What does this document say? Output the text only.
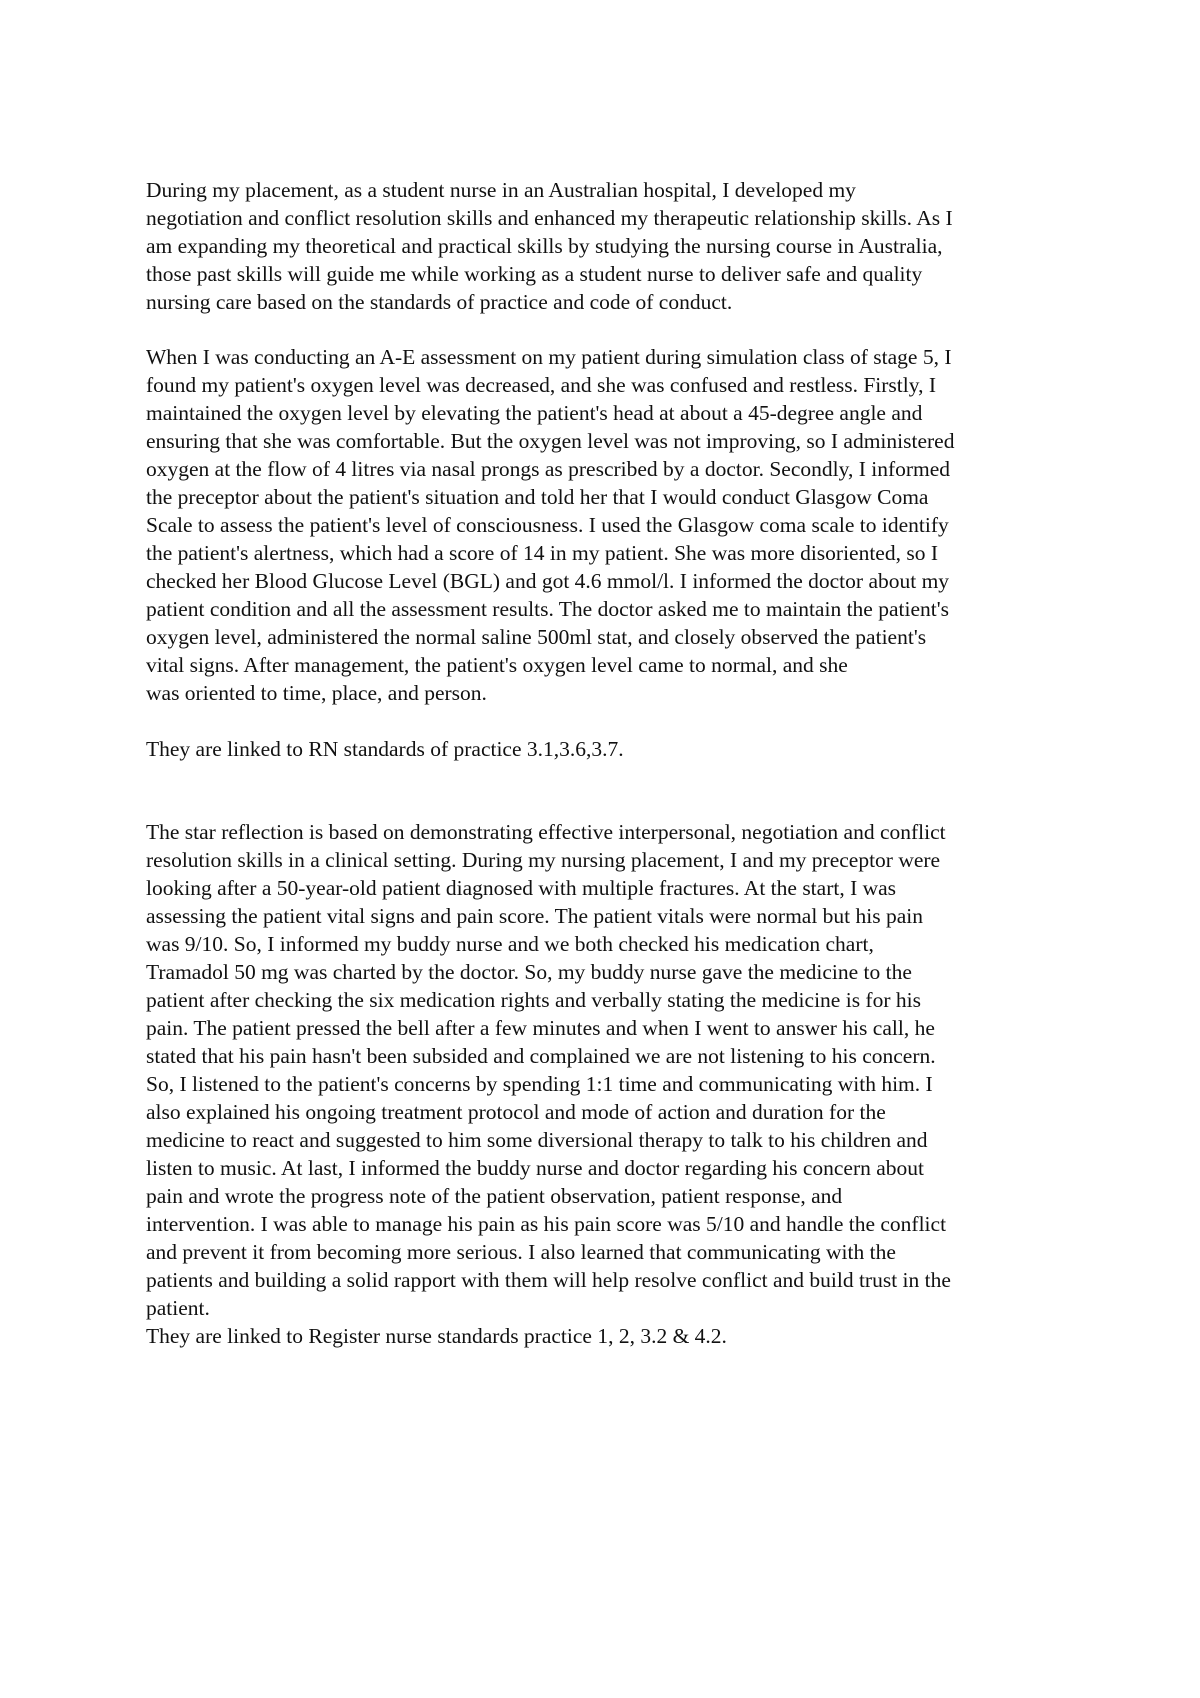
During my placement, as a student nurse in an Australian hospital, I developed my
negotiation and conflict resolution skills and enhanced my therapeutic relationship skills. As I
am expanding my theoretical and practical skills by studying the nursing course in Australia,
those past skills will guide me while working as a student nurse to deliver safe and quality
nursing care based on the standards of practice and code of conduct.

When I was conducting an A-E assessment on my patient during simulation class of stage 5, I
found my patient's oxygen level was decreased, and she was confused and restless. Firstly, I
maintained the oxygen level by elevating the patient's head at about a 45-degree angle and
ensuring that she was comfortable. But the oxygen level was not improving, so I administered
oxygen at the flow of 4 litres via nasal prongs as prescribed by a doctor. Secondly, I informed
the preceptor about the patient's situation and told her that I would conduct Glasgow Coma
Scale to assess the patient's level of consciousness. I used the Glasgow coma scale to identify
the patient's alertness, which had a score of 14 in my patient. She was more disoriented, so I
checked her Blood Glucose Level (BGL) and got 4.6 mmol/l. I informed the doctor about my
patient condition and all the assessment results. The doctor asked me to maintain the patient's
oxygen level, administered the normal saline 500ml stat, and closely observed the patient's
vital signs. After management, the patient's oxygen level came to normal, and she
was oriented to time, place, and person.

They are linked to RN standards of practice 3.1,3.6,3.7.

The star reflection is based on demonstrating effective interpersonal, negotiation and conflict
resolution skills in a clinical setting. During my nursing placement, I and my preceptor were
looking after a 50-year-old patient diagnosed with multiple fractures. At the start, I was
assessing the patient vital signs and pain score. The patient vitals were normal but his pain
was 9/10. So, I informed my buddy nurse and we both checked his medication chart,
Tramadol 50 mg was charted by the doctor. So, my buddy nurse gave the medicine to the
patient after checking the six medication rights and verbally stating the medicine is for his
pain. The patient pressed the bell after a few minutes and when I went to answer his call, he
stated that his pain hasn't been subsided and complained we are not listening to his concern.
So, I listened to the patient's concerns by spending 1:1 time and communicating with him. I
also explained his ongoing treatment protocol and mode of action and duration for the
medicine to react and suggested to him some diversional therapy to talk to his children and
listen to music. At last, I informed the buddy nurse and doctor regarding his concern about
pain and wrote the progress note of the patient observation, patient response, and
intervention. I was able to manage his pain as his pain score was 5/10 and handle the conflict
and prevent it from becoming more serious. I also learned that communicating with the
patients and building a solid rapport with them will help resolve conflict and build trust in the
patient.

They are linked to Register nurse standards practice 1, 2, 3.2 & 4.2.
